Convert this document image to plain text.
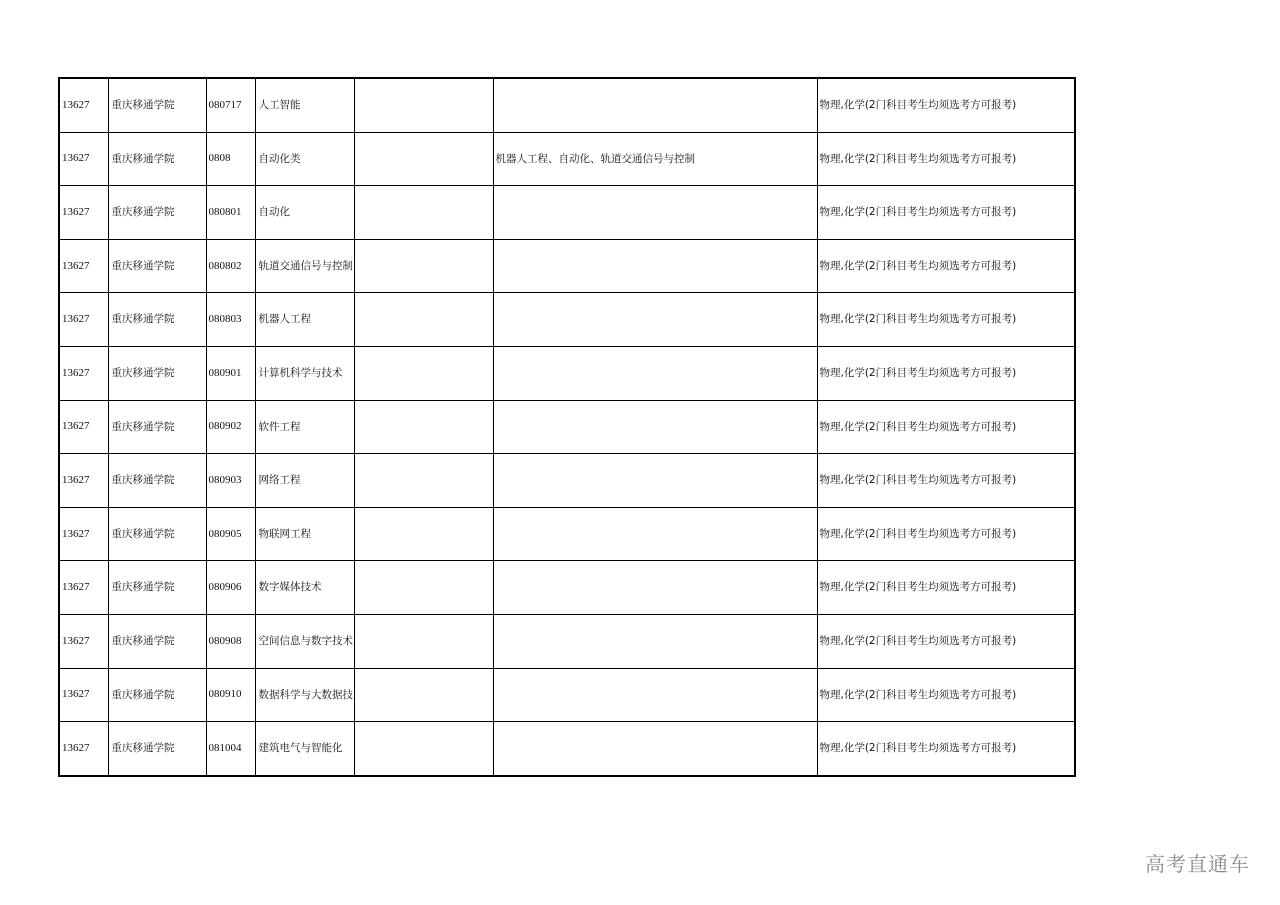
13627	重庆移通学院	080717	人工智能			物理,化学(2门科目考生均须选考方可报考)
13627	重庆移通学院	0808	自动化类		机器人工程、自动化、轨道交通信号与控制	物理,化学(2门科目考生均须选考方可报考)
13627	重庆移通学院	080801	自动化			物理,化学(2门科目考生均须选考方可报考)
13627	重庆移通学院	080802	轨道交通信号与控制			物理,化学(2门科目考生均须选考方可报考)
13627	重庆移通学院	080803	机器人工程			物理,化学(2门科目考生均须选考方可报考)
13627	重庆移通学院	080901	计算机科学与技术			物理,化学(2门科目考生均须选考方可报考)
13627	重庆移通学院	080902	软件工程			物理,化学(2门科目考生均须选考方可报考)
13627	重庆移通学院	080903	网络工程			物理,化学(2门科目考生均须选考方可报考)
13627	重庆移通学院	080905	物联网工程			物理,化学(2门科目考生均须选考方可报考)
13627	重庆移通学院	080906	数字媒体技术			物理,化学(2门科目考生均须选考方可报考)
13627	重庆移通学院	080908	空间信息与数字技术			物理,化学(2门科目考生均须选考方可报考)
13627	重庆移通学院	080910	数据科学与大数据技			物理,化学(2门科目考生均须选考方可报考)
13627	重庆移通学院	081004	建筑电气与智能化			物理,化学(2门科目考生均须选考方可报考)
高考直通车
